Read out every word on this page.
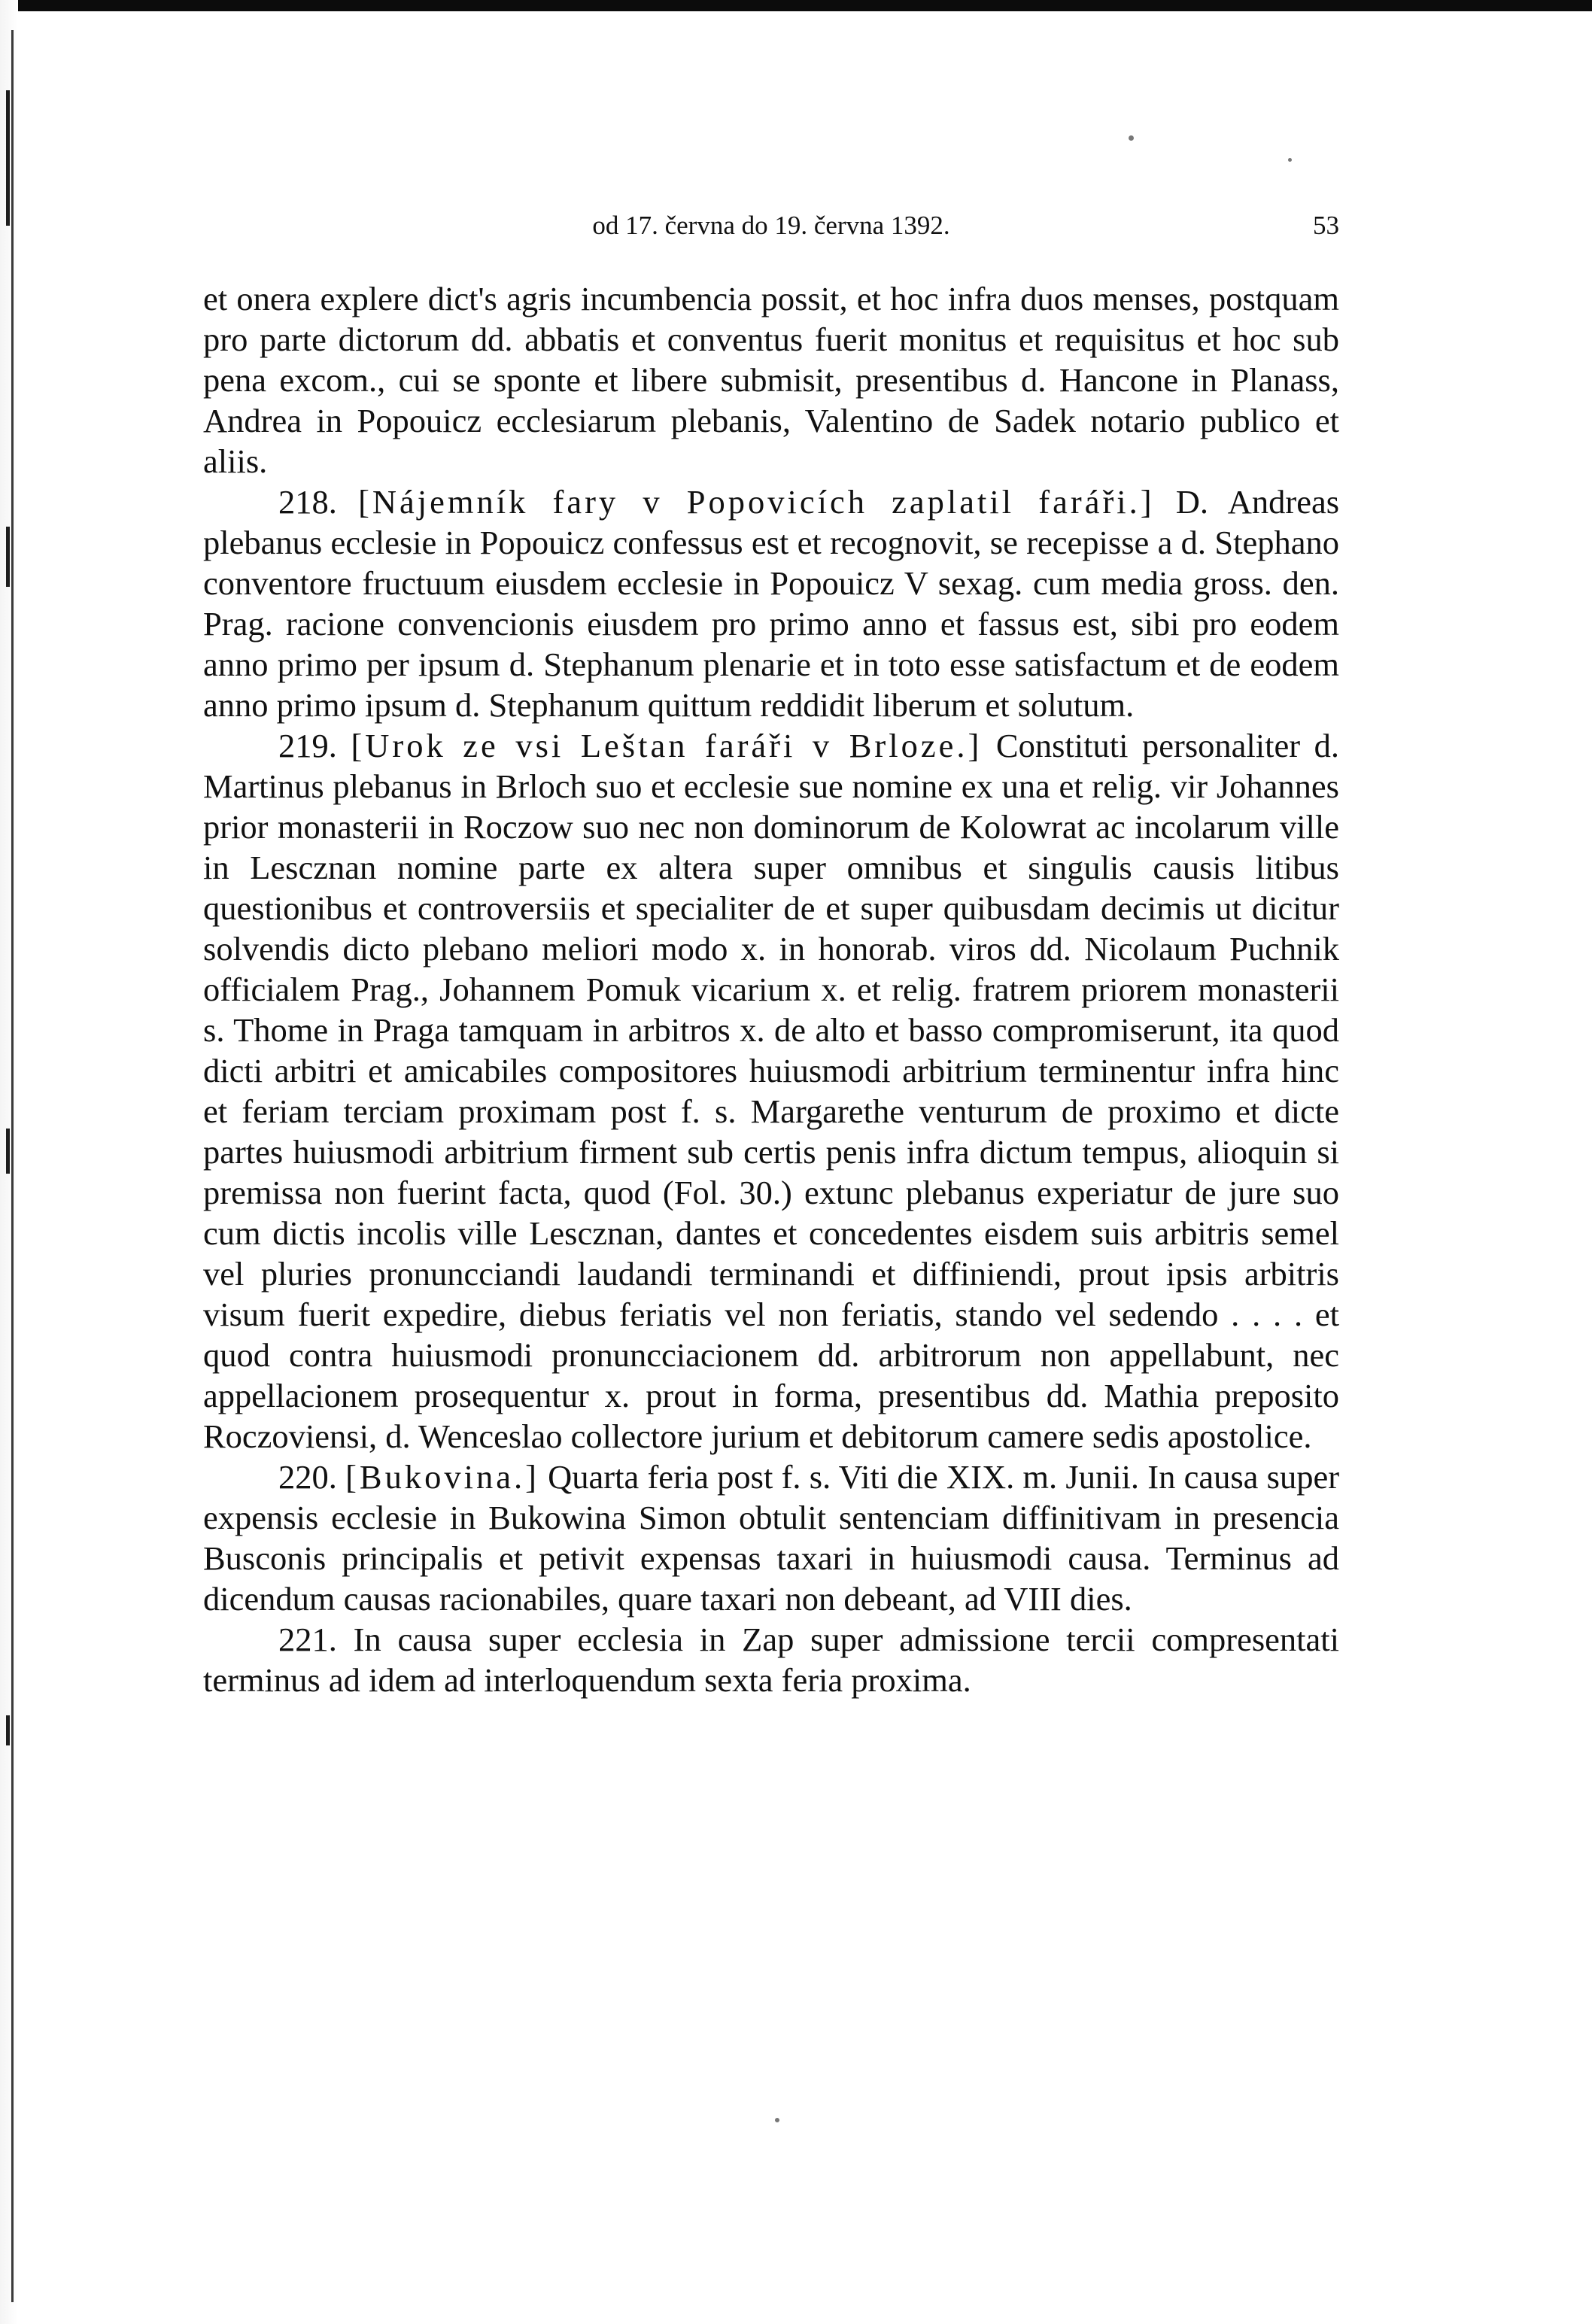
od 17. června do 19. června 1392.	53

et onera explere dict's agris incumbencia possit, et hoc infra duos menses, postquam pro parte dictorum dd. abbatis et conventus fuerit monitus et requisitus et hoc sub pena excom., cui se sponte et libere submisit, presentibus d. Hancone in Planass, Andrea in Popouicz ecclesiarum plebanis, Valentino de Sadek notario publico et aliis.

218. [Nájemník fary v Popovicích zaplatil faráři.] D. Andreas plebanus ecclesie in Popouicz confessus est et recognovit, se recepisse a d. Stephano conventore fructuum eiusdem ecclesie in Popouicz V sexag. cum media gross. den. Prag. racione convencionis eiusdem pro primo anno et fassus est, sibi pro eodem anno primo per ipsum d. Stephanum plenarie et in toto esse satisfactum et de eodem anno primo ipsum d. Stephanum quittum reddidit liberum et solutum.

219. [Urok ze vsi Leštan faráři v Brloze.] Constituti personaliter d. Martinus plebanus in Brloch suo et ecclesie sue nomine ex una et relig. vir Johannes prior monasterii in Roczow suo nec non dominorum de Kolowrat ac incolarum ville in Lescznan nomine parte ex altera super omnibus et singulis causis litibus questionibus et controversiis et specialiter de et super quibusdam decimis ut dicitur solvendis dicto plebano meliori modo x. in honorab. viros dd. Nicolaum Puchnik officialem Prag., Johannem Pomuk vicarium x. et relig. fratrem priorem monasterii s. Thome in Praga tamquam in arbitros x. de alto et basso compromiserunt, ita quod dicti arbitri et amicabiles compositores huiusmodi arbitrium terminentur infra hinc et feriam terciam proximam post f. s. Margarethe venturum de proximo et dicte partes huiusmodi arbitrium firment sub certis penis infra dictum tempus, alioquin si premissa non fuerint facta, quod (Fol. 30.) extunc plebanus experiatur de jure suo cum dictis incolis ville Lescznan, dantes et concedentes eisdem suis arbitris semel vel pluries pronuncciandi laudandi terminandi et diffiniendi, prout ipsis arbitris visum fuerit expedire, diebus feriatis vel non feriatis, stando vel sedendo . . . . et quod contra huiusmodi pronuncciacionem dd. arbitrorum non appellabunt, nec appellacionem prosequentur x. prout in forma, presentibus dd. Mathia preposito Roczoviensi, d. Wenceslao collectore jurium et debitorum camere sedis apostolice.

220. [Bukovina.] Quarta feria post f. s. Viti die XIX. m. Junii. In causa super expensis ecclesie in Bukowina Simon obtulit sentenciam diffinitivam in presencia Busconis principalis et petivit expensas taxari in huiusmodi causa. Terminus ad dicendum causas racionabiles, quare taxari non debeant, ad VIII dies.

221. In causa super ecclesia in Zap super admissione tercii compresentati terminus ad idem ad interloquendum sexta feria proxima.
